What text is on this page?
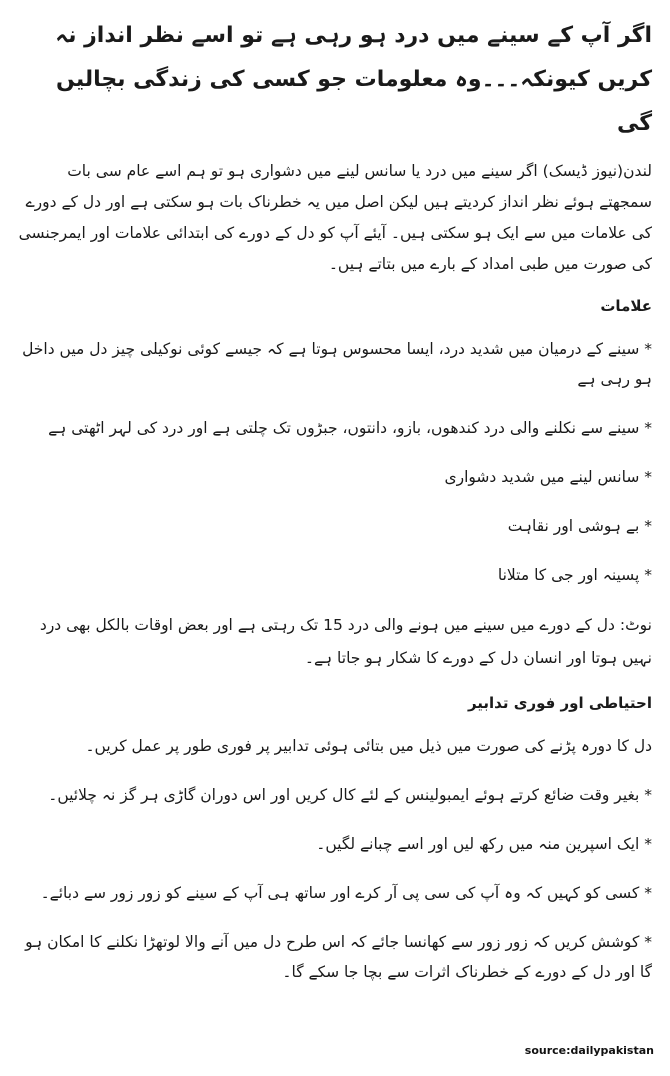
اگر آپ کے سینے میں درد ہو رہی ہے تو اسے نظر انداز نہ کریں کیونکہ۔۔۔وہ معلومات جو کسی کی زندگی بچالیں گی

لندن(نیوز ڈیسک) اگر سینے میں درد یا سانس لینے میں دشواری ہو تو ہم اسے عام سی بات سمجھتے ہوئے نظر انداز کردیتے ہیں لیکن اصل میں یہ خطرناک بات ہو سکتی ہے اور دل کے دورے کی علامات میں سے ایک ہو سکتی ہیں۔ آیئے آپ کو دل کے دورے کی ابتدائی علامات اور ایمرجنسی کی صورت میں طبی امداد کے بارے میں بتاتے ہیں۔

علامات

* سینے کے درمیان میں شدید درد، ایسا محسوس ہوتا ہے کہ جیسے کوئی نوکیلی چیز دل میں داخل ہو رہی ہے

* سینے سے نکلنے والی درد کندھوں، بازو، دانتوں، جبڑوں تک چلتی ہے اور درد کی لہر اٹھتی ہے

* سانس لینے میں شدید دشواری

* بے ہوشی اور نقاہت

* پسینہ اور جی کا متلانا

نوٹ: دل کے دورے میں سینے میں ہونے والی درد 15 تک رہتی ہے اور بعض اوقات بالکل بھی درد نہیں ہوتا اور انسان دل کے دورے کا شکار ہو جاتا ہے۔

احتیاطی اور فوری تدابیر

دل کا دورہ پڑنے کی صورت میں ذیل میں بتائی ہوئی تدابیر پر فوری طور پر عمل کریں۔

* بغیر وقت ضائع کرتے ہوئے ایمبولینس کے لئے کال کریں اور اس دوران گاڑی ہر گز نہ چلائیں۔

* ایک اسپرین منہ میں رکھ لیں اور اسے چبانے لگیں۔

* کسی کو کہیں کہ وہ آپ کی سی پی آر کرے اور ساتھ ہی آپ کے سینے کو زور زور سے دبائے۔

* کوشش کریں کہ زور زور سے کھانسا جائے کہ اس طرح دل میں آنے والا لوتھڑا نکلنے کا امکان ہو گا اور دل کے دورے کے خطرناک اثرات سے بچا جا سکے گا۔

source:dailypakistan
